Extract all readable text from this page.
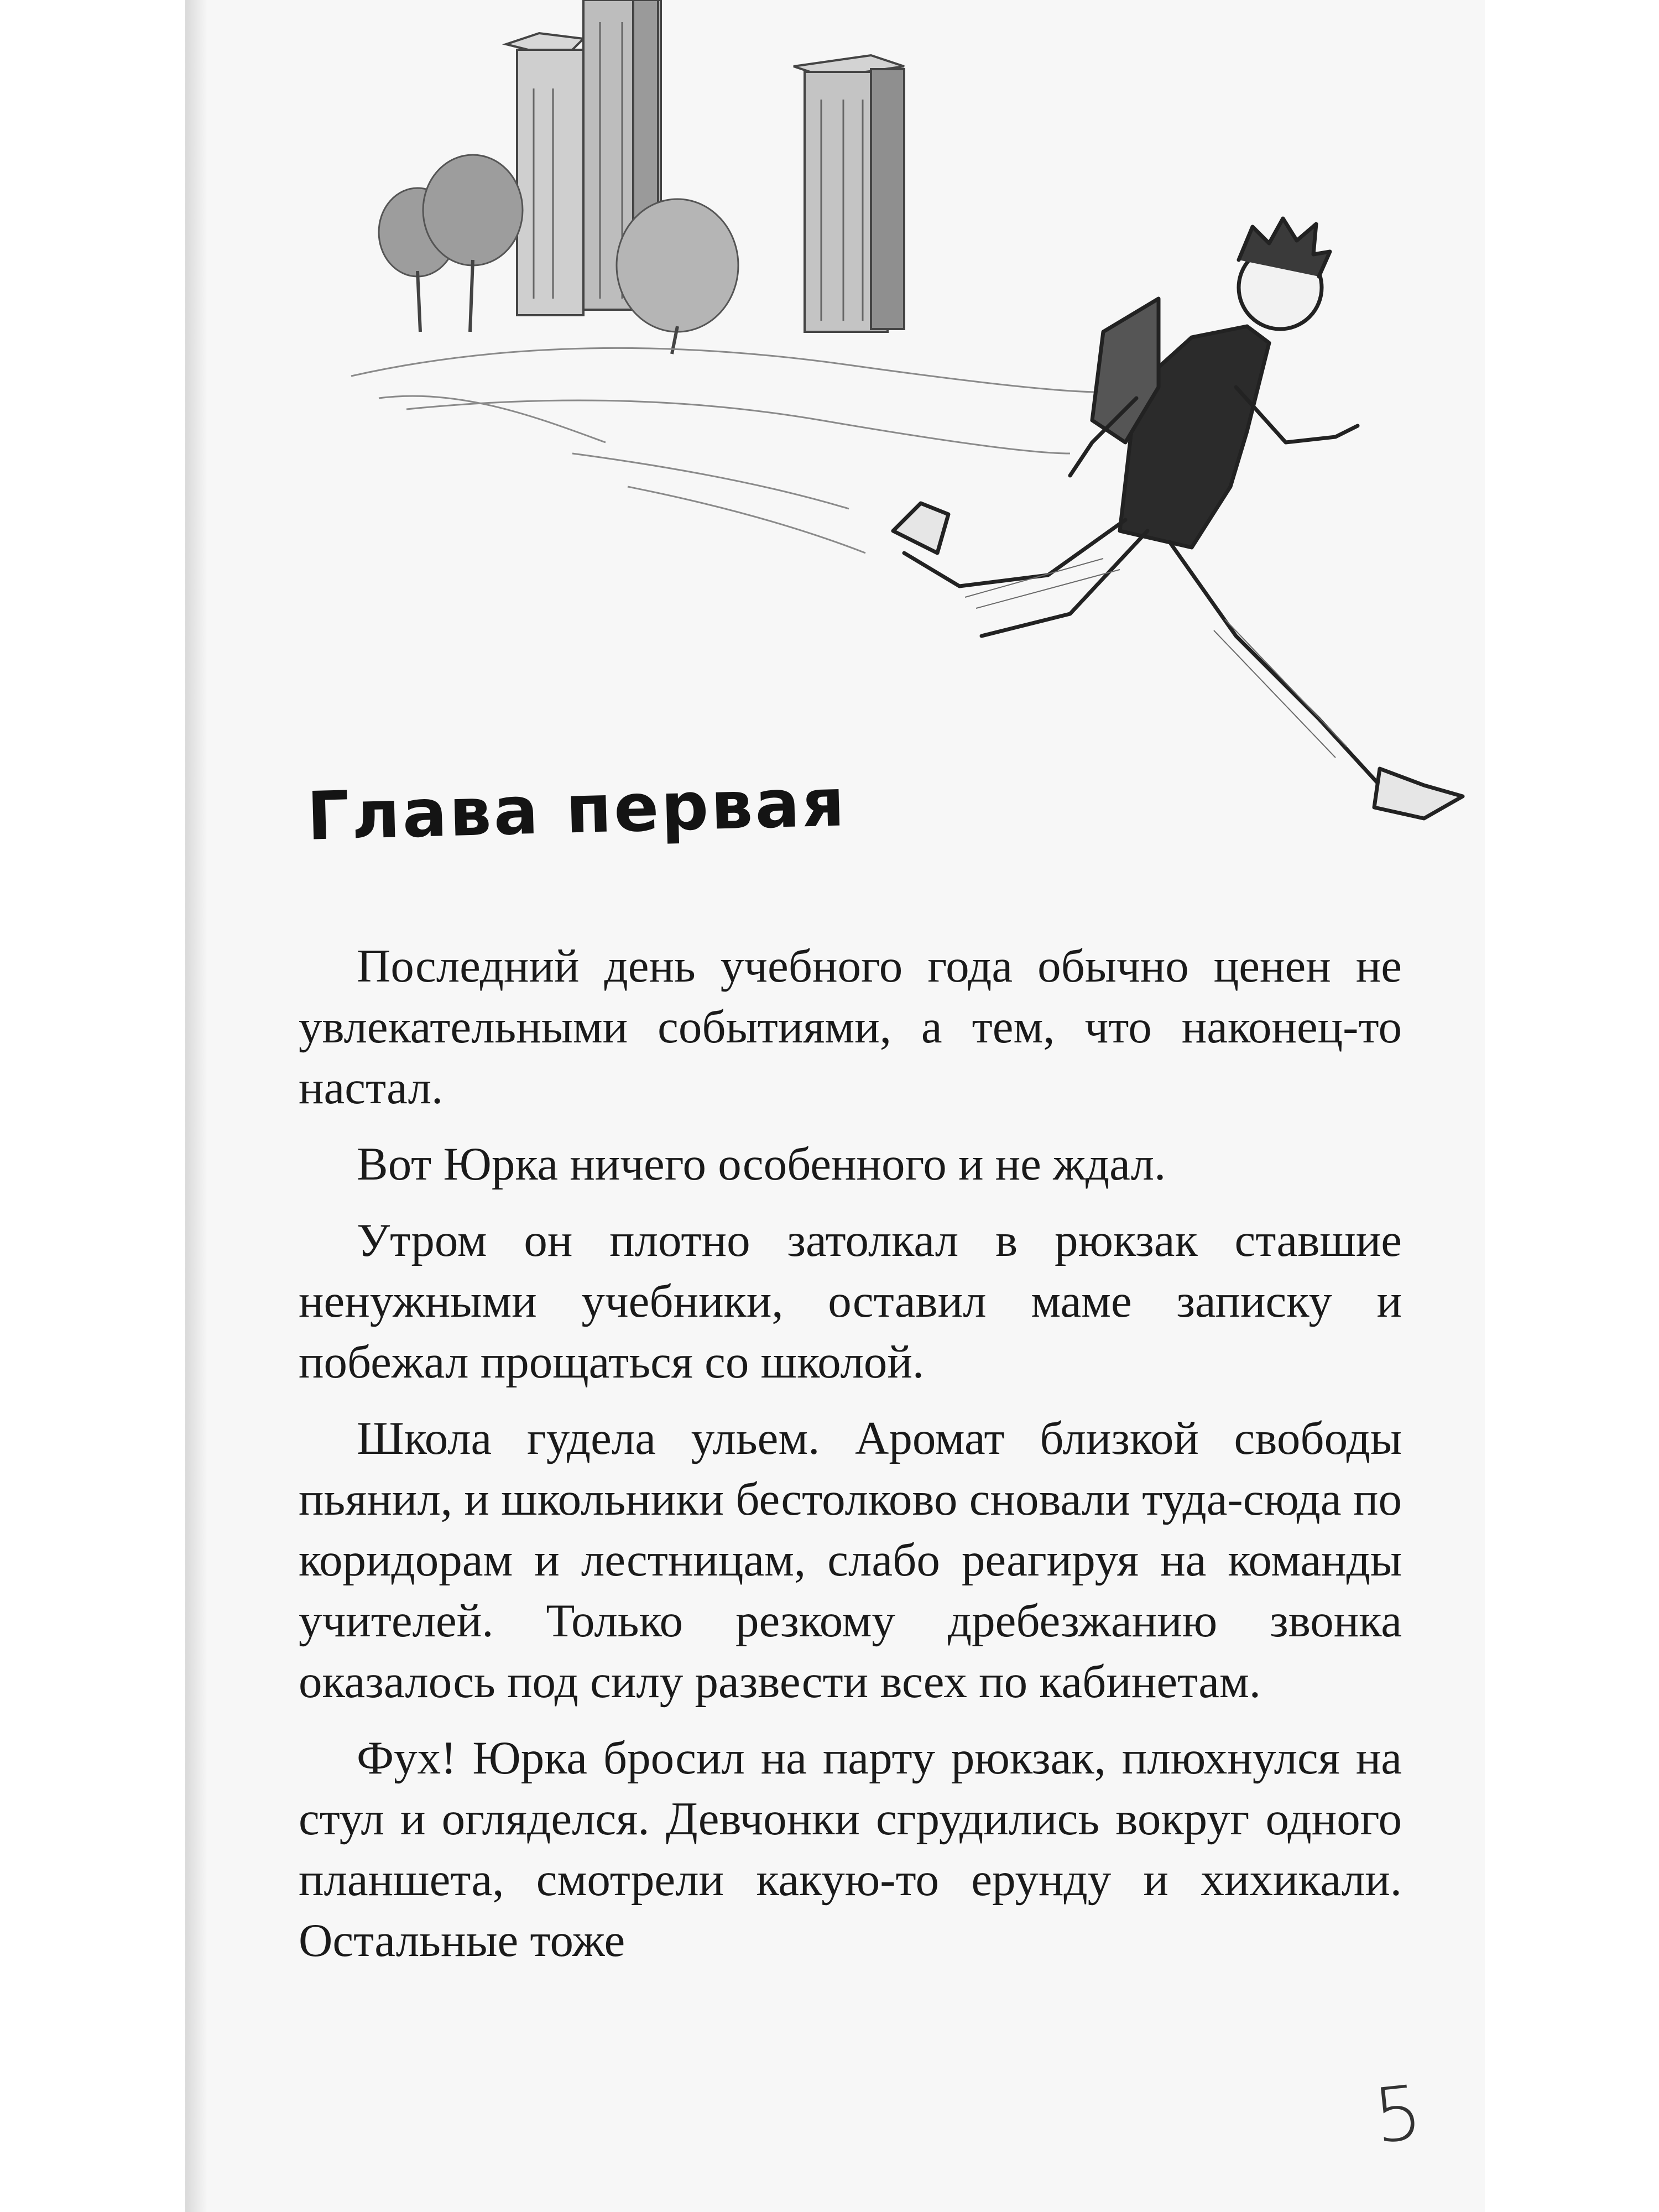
Глава первая

Последний день учебного года обычно ценен не увлекательными событиями, а тем, что наконец-то настал.

Вот Юрка ничего особенного и не ждал.

Утром он плотно затолкал в рюкзак ставшие ненужными учебники, оставил маме записку и побежал прощаться со школой.

Школа гудела ульем. Аромат близкой свободы пьянил, и школьники бестолково сновали туда-сюда по коридорам и лестницам, слабо реагируя на команды учителей. Только резкому дребезжанию звонка оказалось под силу развести всех по кабинетам.

Фух! Юрка бросил на парту рюкзак, плюхнулся на стул и огляделся. Девчонки сгрудились вокруг одного планшета, смотрели какую-то ерунду и хихикали. Остальные тоже

5
